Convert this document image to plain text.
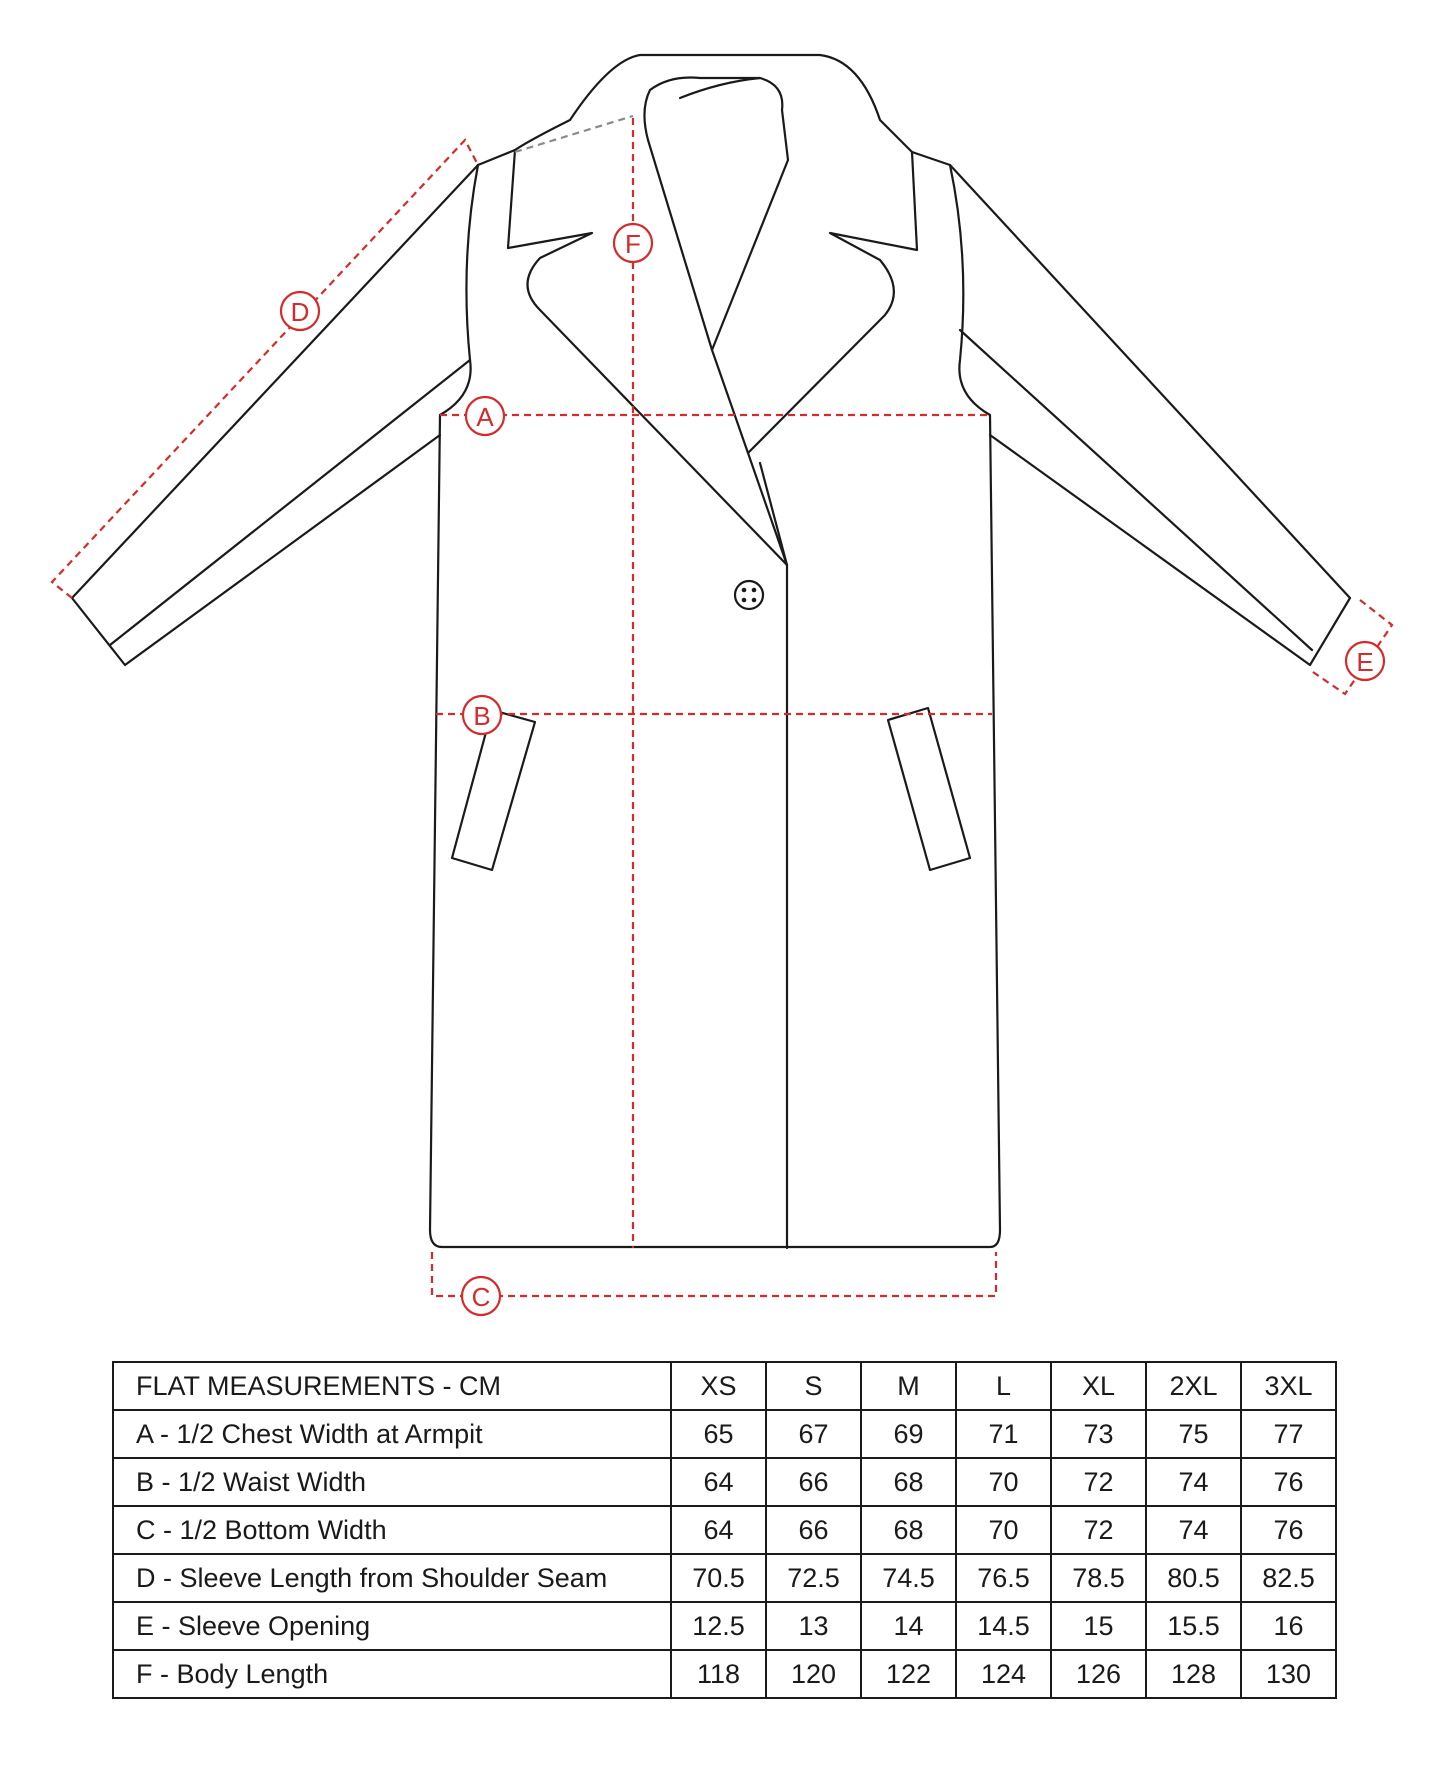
A
B
C
D
E
F
FLAT MEASUREMENTS - CM	XS	S	M	L	XL	2XL	3XL
A - 1/2 Chest Width at Armpit	65	67	69	71	73	75	77
B - 1/2 Waist Width	64	66	68	70	72	74	76
C - 1/2 Bottom Width	64	66	68	70	72	74	76
D - Sleeve Length from Shoulder Seam	70.5	72.5	74.5	76.5	78.5	80.5	82.5
E - Sleeve Opening	12.5	13	14	14.5	15	15.5	16
F - Body Length	118	120	122	124	126	128	130
